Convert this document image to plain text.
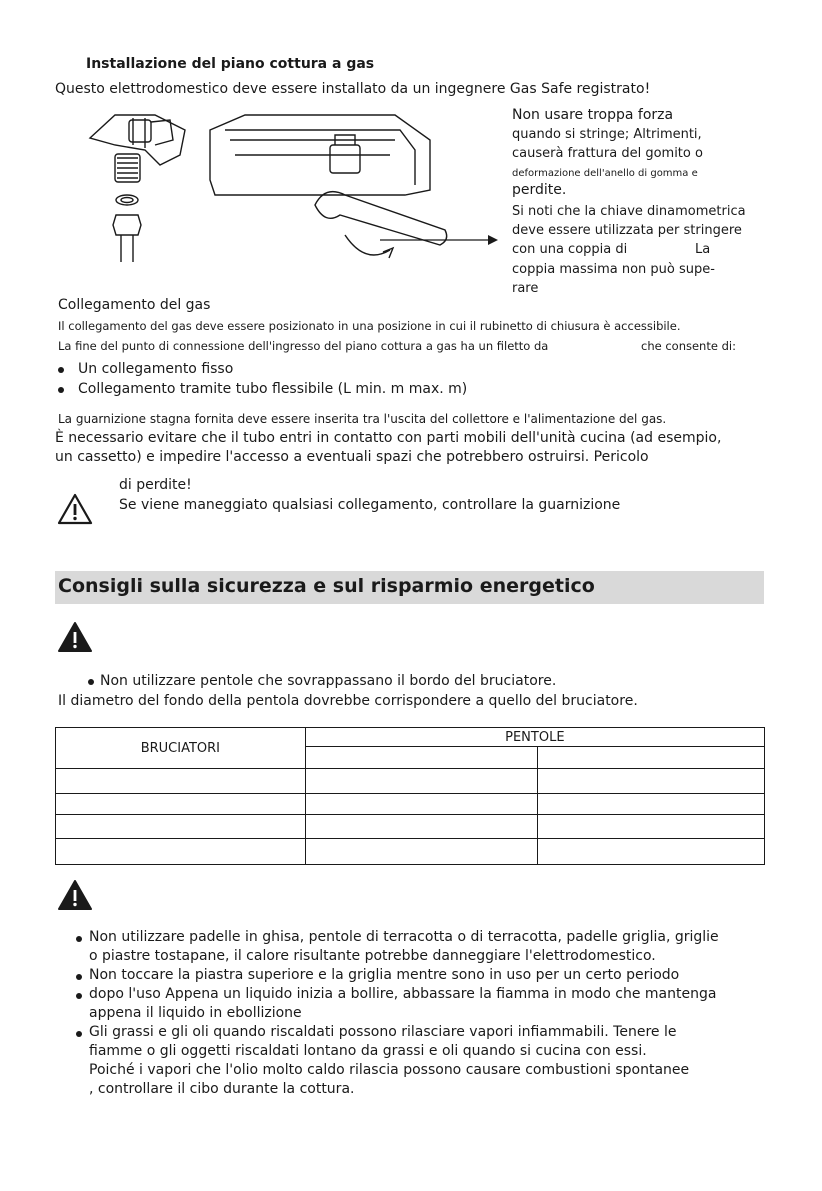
Installazione del piano cottura a gas
Questo elettrodomestico deve essere installato da un ingegnere Gas Safe registrato!
Non usare troppa forza
quando si stringe; Altrimenti,
causerà frattura del gomito o
deformazione dell'anello di gomma e
perdite.
Si noti che la chiave dinamometrica
deve essere utilizzata per stringere
con una coppia di	La
coppia massima non può supe-
rare
Collegamento del gas
Il collegamento del gas deve essere posizionato in una posizione in cui il rubinetto di chiusura è accessibile.
La fine del punto di connessione dell'ingresso del piano cottura a gas ha un filetto da	che consente di:
Un collegamento fisso
Collegamento tramite tubo flessibile (L min. m max. m)
La guarnizione stagna fornita deve essere inserita tra l'uscita del collettore e l'alimentazione del gas.
È necessario evitare che il tubo entri in contatto con parti mobili dell'unità cucina (ad esempio,
un cassetto) e impedire l'accesso a eventuali spazi che potrebbero ostruirsi. Pericolo
di perdite!
Se viene maneggiato qualsiasi collegamento, controllare la guarnizione
Consigli sulla sicurezza e sul risparmio energetico
Non utilizzare pentole che sovrappassano il bordo del bruciatore.
Il diametro del fondo della pentola dovrebbe corrispondere a quello del bruciatore.
BRUCIATORI	PENTOLE	

Non utilizzare padelle in ghisa, pentole di terracotta o di terracotta, padelle griglia, griglie
o piastre tostapane, il calore risultante potrebbe danneggiare l'elettrodomestico.
Non toccare la piastra superiore e la griglia mentre sono in uso per un certo periodo
dopo l'uso Appena un liquido inizia a bollire, abbassare la fiamma in modo che mantenga
appena il liquido in ebollizione
Gli grassi e gli oli quando riscaldati possono rilasciare vapori infiammabili. Tenere le
fiamme o gli oggetti riscaldati lontano da grassi e oli quando si cucina con essi.
Poiché i vapori che l'olio molto caldo rilascia possono causare combustioni spontanee
, controllare il cibo durante la cottura.
